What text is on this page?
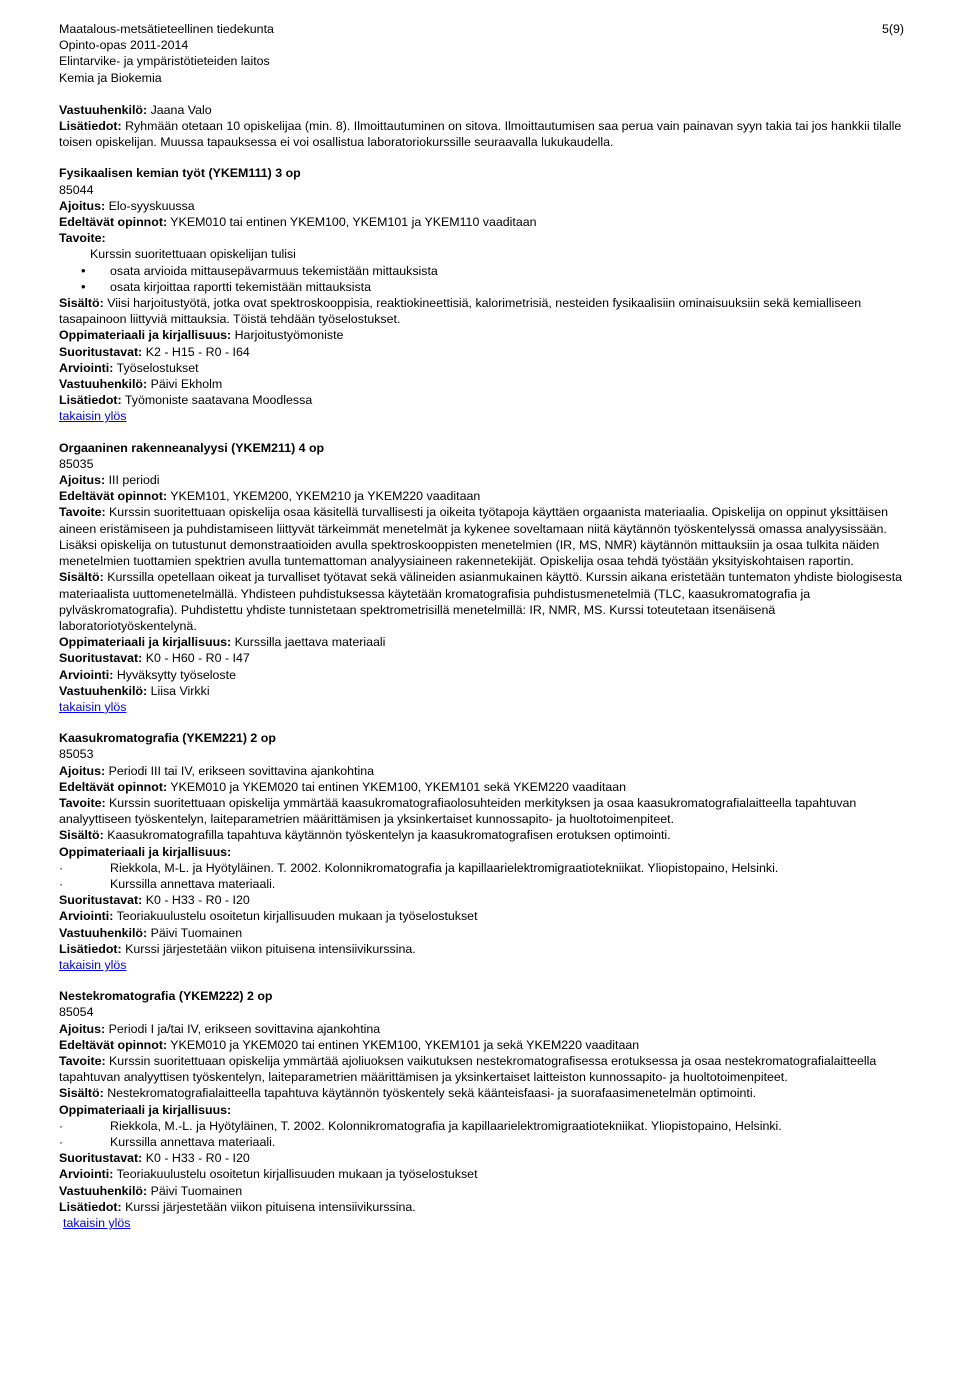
Maatalous-metsätieteellinen tiedekunta
Opinto-opas 2011-2014
Elintarvike- ja ympäristötieteiden laitos
Kemia ja Biokemia
5(9)
Vastuuhenkilö: Jaana Valo
Lisätiedot: Ryhmään otetaan 10 opiskelijaa (min. 8). Ilmoittautuminen on sitova. Ilmoittautumisen saa perua vain painavan syyn takia tai jos hankkii tilalle toisen opiskelijan. Muussa tapauksessa ei voi osallistua laboratoriokurssille seuraavalla lukukaudella.
Fysikaalisen kemian työt (YKEM111) 3 op
85044
Ajoitus: Elo-syyskuussa
Edeltävät opinnot: YKEM010 tai entinen YKEM100, YKEM101 ja YKEM110 vaaditaan
Tavoite:
Kurssin suoritettuaan opiskelijan tulisi
• osata arvioida mittausepävarmuus tekemistään mittauksista
• osata kirjoittaa raportti tekemistään mittauksista
Sisältö: Viisi harjoitustyötä, jotka ovat spektroskooppisia, reaktiokineettisiä, kalorimetrisiä, nesteiden fysikaalisiin ominaisuuksiin sekä kemialliseen tasapainoon liittyviä mittauksia. Töistä tehdään työselostukset.
Oppimateriaali ja kirjallisuus: Harjoitustyömoniste
Suoritustavat: K2 - H15 - R0 - I64
Arviointi: Työselostukset
Vastuuhenkilö: Päivi Ekholm
Lisätiedot: Työmoniste saatavana Moodlessa
takaisin ylös
Orgaaninen rakenneanalyysi (YKEM211) 4 op
85035
Ajoitus: III periodi
Edeltävät opinnot: YKEM101, YKEM200, YKEM210 ja YKEM220 vaaditaan
Tavoite: Kurssin suoritettuaan opiskelija osaa käsitellä turvallisesti ja oikeita työtapoja käyttäen orgaanista materiaalia. Opiskelija on oppinut yksittäisen aineen eristämiseen ja puhdistamiseen liittyvät tärkeimmät menetelmät ja kykenee soveltamaan niitä käytännön työskentelyssä omassa analyysissään. Lisäksi opiskelija on tutustunut demonstraatioiden avulla spektroskooppisten menetelmien (IR, MS, NMR) käytännön mittauksiin ja osaa tulkita näiden menetelmien tuottamien spektrien avulla tuntemattoman analyysiaineen rakennetekijät. Opiskelija osaa tehdä työstään yksityiskohtaisen raportin.
Sisältö: Kurssilla opetellaan oikeat ja turvalliset työtavat sekä välineiden asianmukainen käyttö. Kurssin aikana eristetään tuntematon yhdiste biologisesta materiaalista uuttomenetelmällä. Yhdisteen puhdistuksessa käytetään kromatografisia puhdistusmenetelmiä (TLC, kaasukromatografia ja pylväskromatografia). Puhdistettu yhdiste tunnistetaan spektrometrisillä menetelmillä: IR, NMR, MS. Kurssi toteutetaan itsenäisenä laboratoriotyöskentelynä.
Oppimateriaali ja kirjallisuus: Kurssilla jaettava materiaali
Suoritustavat: K0 - H60 - R0 - I47
Arviointi: Hyväksytty työseloste
Vastuuhenkilö: Liisa Virkki
takaisin ylös
Kaasukromatografia (YKEM221) 2 op
85053
Ajoitus: Periodi III tai IV, erikseen sovittavina ajankohtina
Edeltävät opinnot: YKEM010 ja YKEM020 tai entinen YKEM100, YKEM101 sekä YKEM220 vaaditaan
Tavoite: Kurssin suoritettuaan opiskelija ymmärtää kaasukromatografiaolosuhteiden merkityksen ja osaa kaasukromatografialaitteella tapahtuvan analyyttiseen työskentelyn, laiteparametrien määrittämisen ja yksinkertaiset kunnossapito- ja huoltotoimenpiteet.
Sisältö: Kaasukromatografilla tapahtuva käytännön työskentelyn ja kaasukromatografisen erotuksen optimointi.
Oppimateriaali ja kirjallisuus:
· Riekkola, M-L. ja Hyötyläinen. T. 2002. Kolonnikromatografia ja kapillaarielektromigraatiotekniikat. Yliopistopaino, Helsinki.
· Kurssilla annettava materiaali.
Suoritustavat: K0 - H33 - R0 - I20
Arviointi: Teoriakuulustelu osoitetun kirjallisuuden mukaan ja työselostukset
Vastuuhenkilö: Päivi Tuomainen
Lisätiedot: Kurssi järjestetään viikon pituisena intensiivikurssina.
takaisin ylös
Nestekromatografia (YKEM222) 2 op
85054
Ajoitus: Periodi I ja/tai IV, erikseen sovittavina ajankohtina
Edeltävät opinnot: YKEM010 ja YKEM020 tai entinen YKEM100, YKEM101 ja sekä YKEM220 vaaditaan
Tavoite: Kurssin suoritettuaan opiskelija ymmärtää ajoliuoksen vaikutuksen nestekromatografisessa erotuksessa ja osaa nestekromatografialaitteella tapahtuvan analyyttisen työskentelyn, laiteparametrien määrittämisen ja yksinkertaiset laitteiston kunnossapito- ja huoltotoimenpiteet.
Sisältö: Nestekromatografialaitteella tapahtuva käytännön työskentely sekä käänteisfaasi- ja suorafaasimenetelmän optimointi.
Oppimateriaali ja kirjallisuus:
· Riekkola, M.-L. ja Hyötyläinen, T. 2002. Kolonnikromatografia ja kapillaarielektromigraatiotekniikat. Yliopistopaino, Helsinki.
· Kurssilla annettava materiaali.
Suoritustavat: K0 - H33 - R0 - I20
Arviointi: Teoriakuulustelu osoitetun kirjallisuuden mukaan ja työselostukset
Vastuuhenkilö: Päivi Tuomainen
Lisätiedot: Kurssi järjestetään viikon pituisena intensiivikurssina.
takaisin ylös
